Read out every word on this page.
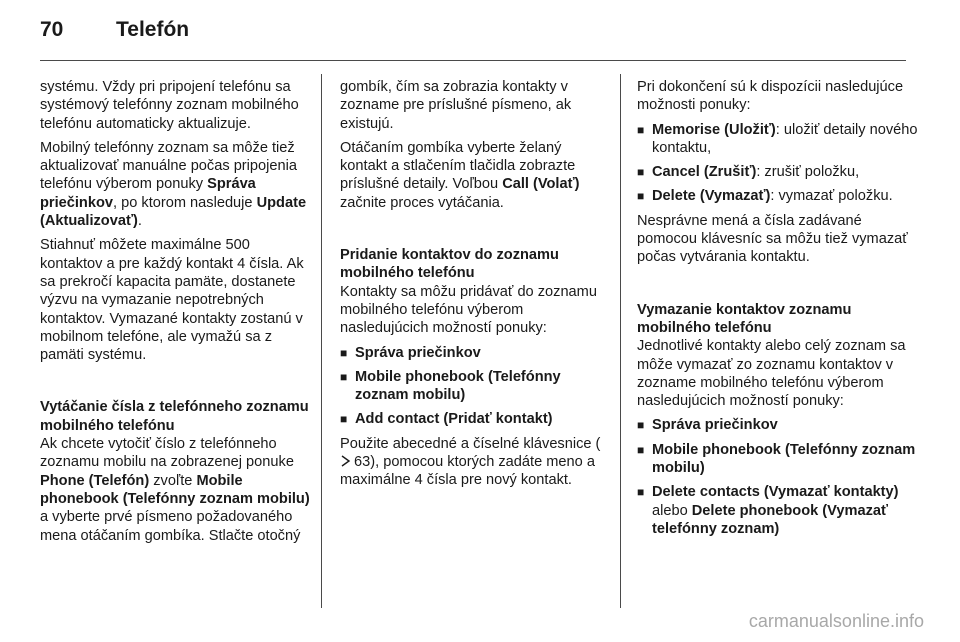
70	Telefón

systému. Vždy pri pripojení telefónu sa systémový telefónny zoznam mobilného telefónu automaticky aktualizuje.

Mobilný telefónny zoznam sa môže tiež aktualizovať manuálne počas pripojenia telefónu výberom ponuky Správa priečinkov, po ktorom nasleduje Update (Aktualizovať).

Stiahnuť môžete maximálne 500 kontaktov a pre každý kontakt 4 čísla. Ak sa prekročí kapacita pamäte, dostanete výzvu na vymazanie nepotrebných kontaktov. Vymazané kontakty zostanú v mobilnom telefóne, ale vymažú sa z pamäti systému.

Vytáčanie čísla z telefónneho zoznamu mobilného telefónu

Ak chcete vytočiť číslo z telefónneho zoznamu mobilu na zobrazenej ponuke Phone (Telefón) zvoľte Mobile phonebook (Telefónny zoznam mobilu) a vyberte prvé písmeno požadovaného mena otáčaním gombíka. Stlačte otočný

gombík, čím sa zobrazia kontakty v zozname pre príslušné písmeno, ak existujú.

Otáčaním gombíka vyberte želaný kontakt a stlačením tlačidla zobrazte príslušné detaily. Voľbou Call (Volať) začnite proces vytáčania.

Pridanie kontaktov do zoznamu mobilného telefónu

Kontakty sa môžu pridávať do zoznamu mobilného telefónu výberom nasledujúcich možností ponuky:

■ Správa priečinkov
■ Mobile phonebook (Telefónny zoznam mobilu)
■ Add contact (Pridať kontakt)

Použite abecedné a číselné klávesnice (63), pomocou ktorých zadáte meno a maximálne 4 čísla pre nový kontakt.

Pri dokončení sú k dispozícii nasledujúce možnosti ponuky:

■ Memorise (Uložiť): uložiť detaily nového kontaktu,
■ Cancel (Zrušiť): zrušiť položku,
■ Delete (Vymazať): vymazať položku.

Nesprávne mená a čísla zadávané pomocou klávesníc sa môžu tiež vymazať počas vytvárania kontaktu.

Vymazanie kontaktov zoznamu mobilného telefónu

Jednotlivé kontakty alebo celý zoznam sa môže vymazať zo zoznamu kontaktov v zozname mobilného telefónu výberom nasledujúcich možností ponuky:

■ Správa priečinkov
■ Mobile phonebook (Telefónny zoznam mobilu)
■ Delete contacts (Vymazať kontakty) alebo Delete phonebook (Vymazať telefónny zoznam)
carmanualsonline.info
